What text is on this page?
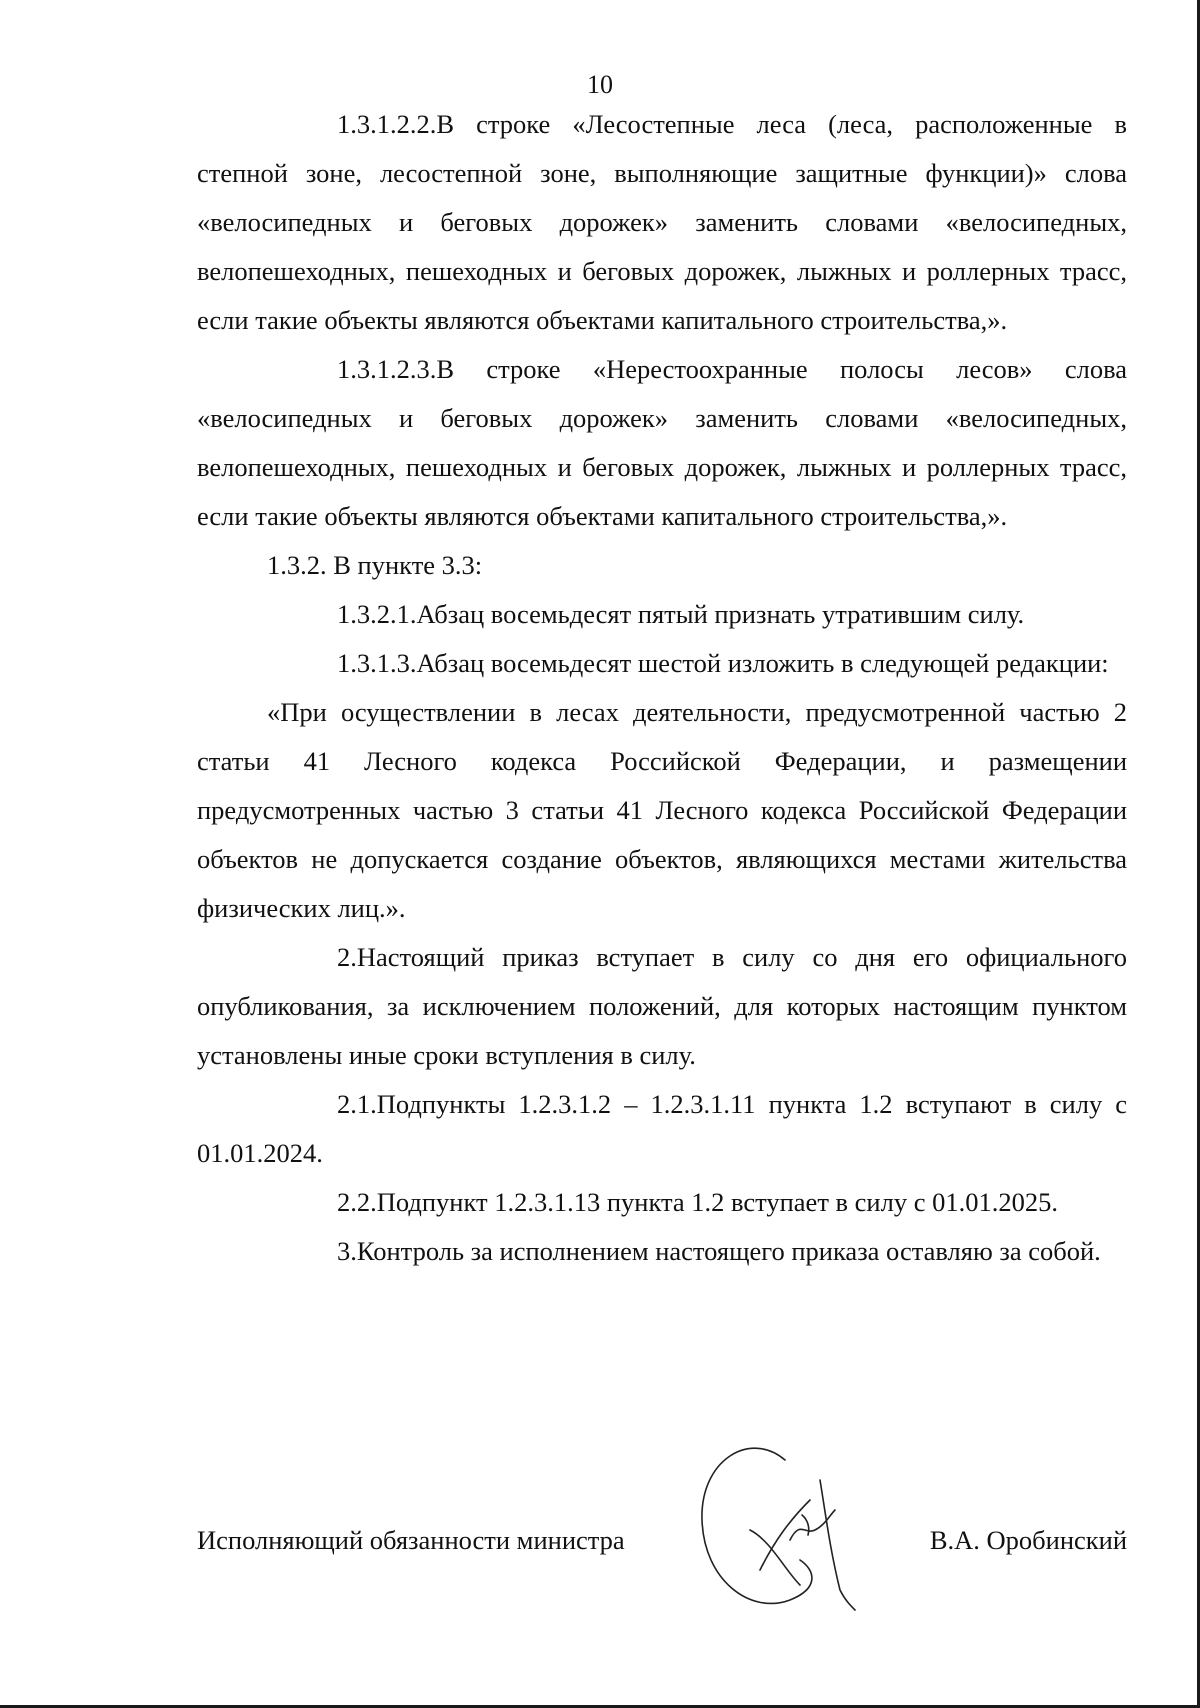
10

1.3.1.2.2.В строке «Лесостепные леса (леса, расположенные в степной зоне, лесостепной зоне, выполняющие защитные функции)» слова «велосипедных и беговых дорожек» заменить словами «велосипедных, велопешеходных, пешеходных и беговых дорожек, лыжных и роллерных трасс, если такие объекты являются объектами капитального строительства,».

1.3.1.2.3.В строке «Нерестоохранные полосы лесов» слова «велосипедных и беговых дорожек» заменить словами «велосипедных, велопешеходных, пешеходных и беговых дорожек, лыжных и роллерных трасс, если такие объекты являются объектами капитального строительства,».

1.3.2. В пункте 3.3:

1.3.2.1.Абзац восемьдесят пятый признать утратившим силу.

1.3.1.3.Абзац восемьдесят шестой изложить в следующей редакции:

«При осуществлении в лесах деятельности, предусмотренной частью 2 статьи 41 Лесного кодекса Российской Федерации, и размещении предусмотренных частью 3 статьи 41 Лесного кодекса Российской Федерации объектов не допускается создание объектов, являющихся местами жительства физических лиц.».

2.Настоящий приказ вступает в силу со дня его официального опубликования, за исключением положений, для которых настоящим пунктом установлены иные сроки вступления в силу.

2.1.Подпункты 1.2.3.1.2 – 1.2.3.1.11 пункта 1.2 вступают в силу с 01.01.2024.

2.2.Подпункт 1.2.3.1.13 пункта 1.2 вступает в силу с 01.01.2025.

3.Контроль за исполнением настоящего приказа оставляю за собой.

Исполняющий обязанности министра	В.А. Оробинский
